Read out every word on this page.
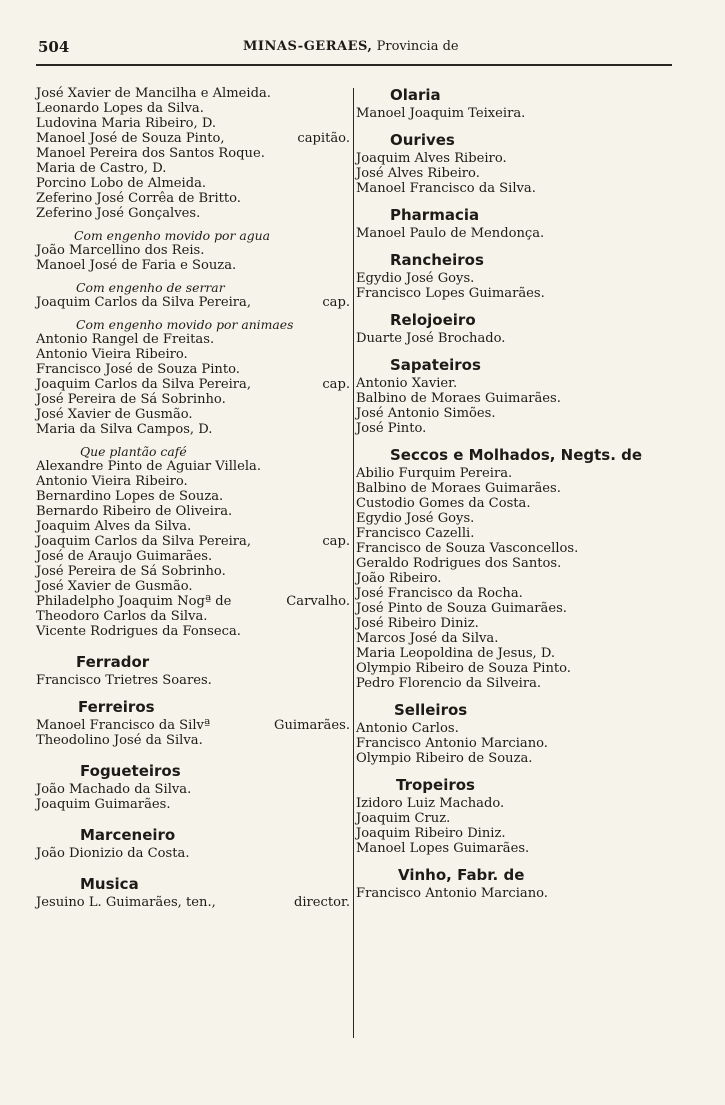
504	MINAS-GERAES, Provincia de
José Xavier de Mancilha e Almeida.
Leonardo Lopes da Silva.
Ludovina Maria Ribeiro, D.
Manoel José de Souza Pinto,	capitão.
Manoel Pereira dos Santos Roque.
Maria de Castro, D.
Porcino Lobo de Almeida.
Zeferino José Corrêa de Britto.
Zeferino José Gonçalves.
Com engenho movido por agua
João Marcellino dos Reis.
Manoel José de Faria e Souza.
Com engenho de serrar
Joaquim Carlos da Silva Pereira,	cap.
Com engenho movido por animaes
Antonio Rangel de Freitas.
Antonio Vieira Ribeiro.
Francisco José de Souza Pinto.
Joaquim Carlos da Silva Pereira,	cap.
José Pereira de Sá Sobrinho.
José Xavier de Gusmão.
Maria da Silva Campos, D.
Que plantão café
Alexandre Pinto de Aguiar Villela.
Antonio Vieira Ribeiro.
Bernardino Lopes de Souza.
Bernardo Ribeiro de Oliveira.
Joaquim Alves da Silva.
Joaquim Carlos da Silva Pereira,	cap.
José de Araujo Guimarães.
José Pereira de Sá Sobrinho.
José Xavier de Gusmão.
Philadelpho Joaquim Nogª de	Carvalho.
Theodoro Carlos da Silva.
Vicente Rodrigues da Fonseca.
Ferrador
Francisco Trietres Soares.
Ferreiros
Manoel Francisco da Silvª	Guimarães.
Theodolino José da Silva.
Fogueteiros
João Machado da Silva.
Joaquim Guimarães.
Marceneiro
João Dionizio da Costa.
Musica
Jesuino L. Guimarães, ten.,	director.
Olaria
Manoel Joaquim Teixeira.
Ourives
Joaquim Alves Ribeiro.
José Alves Ribeiro.
Manoel Francisco da Silva.
Pharmacia
Manoel Paulo de Mendonça.
Rancheiros
Egydio José Goys.
Francisco Lopes Guimarães.
Relojoeiro
Duarte José Brochado.
Sapateiros
Antonio Xavier.
Balbino de Moraes Guimarães.
José Antonio Simões.
José Pinto.
Seccos e Molhados, Negts. de
Abilio Furquim Pereira.
Balbino de Moraes Guimarães.
Custodio Gomes da Costa.
Egydio José Goys.
Francisco Cazelli.
Francisco de Souza Vasconcellos.
Geraldo Rodrigues dos Santos.
João Ribeiro.
José Francisco da Rocha.
José Pinto de Souza Guimarães.
José Ribeiro Diniz.
Marcos José da Silva.
Maria Leopoldina de Jesus, D.
Olympio Ribeiro de Souza Pinto.
Pedro Florencio da Silveira.
Selleiros
Antonio Carlos.
Francisco Antonio Marciano.
Olympio Ribeiro de Souza.
Tropeiros
Izidoro Luiz Machado.
Joaquim Cruz.
Joaquim Ribeiro Diniz.
Manoel Lopes Guimarães.
Vinho, Fabr. de
Francisco Antonio Marciano.
